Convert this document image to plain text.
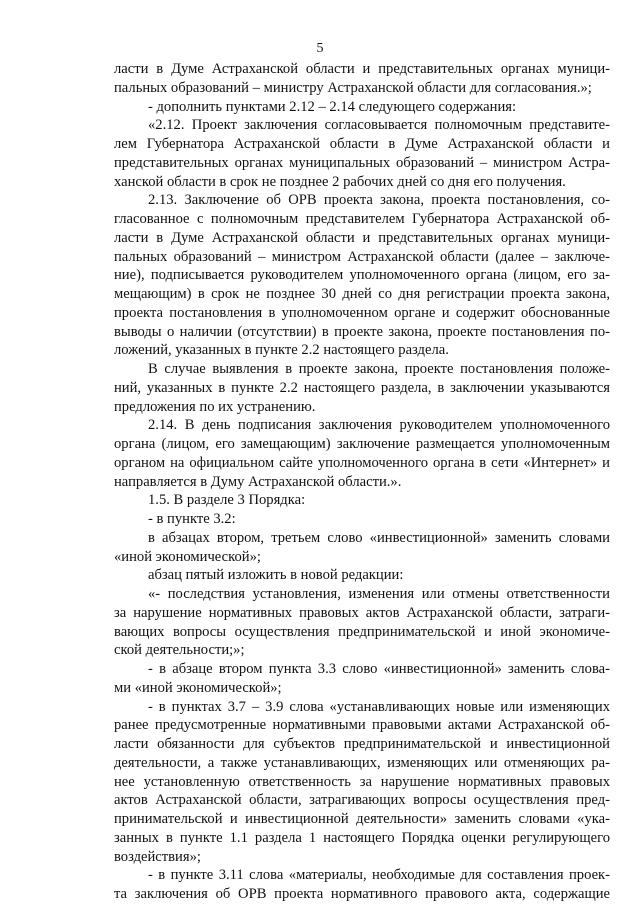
5
ласти в Думе Астраханской области и представительных органах муници-
пальных образований – министру Астраханской области для согласования.»;
- дополнить пунктами 2.12 – 2.14 следующего содержания:
«2.12. Проект заключения согласовывается полномочным представите-
лем Губернатора Астраханской области в Думе Астраханской области и
представительных органах муниципальных образований – министром Астра-
ханской области в срок не позднее 2 рабочих дней со дня его получения.
2.13. Заключение об ОРВ проекта закона, проекта постановления, со-
гласованное с полномочным представителем Губернатора Астраханской об-
ласти в Думе Астраханской области и представительных органах муници-
пальных образований – министром Астраханской области (далее – заключе-
ние), подписывается руководителем уполномоченного органа (лицом, его за-
мещающим) в срок не позднее 30 дней со дня регистрации проекта закона,
проекта постановления в уполномоченном органе и содержит обоснованные
выводы о наличии (отсутствии) в проекте закона, проекте постановления по-
ложений, указанных в пункте 2.2 настоящего раздела.
В случае выявления в проекте закона, проекте постановления положе-
ний, указанных в пункте 2.2 настоящего раздела, в заключении указываются
предложения по их устранению.
2.14. В день подписания заключения руководителем уполномоченного
органа (лицом, его замещающим) заключение размещается уполномоченным
органом на официальном сайте уполномоченного органа в сети «Интернет» и
направляется в Думу Астраханской области.».
1.5. В разделе 3 Порядка:
- в пункте 3.2:
в абзацах втором, третьем слово «инвестиционной» заменить словами
«иной экономической»;
абзац пятый изложить в новой редакции:
«- последствия установления, изменения или отмены ответственности
за нарушение нормативных правовых актов Астраханской области, затраги-
вающих вопросы осуществления предпринимательской и иной экономиче-
ской деятельности;»;
- в абзаце втором пункта 3.3 слово «инвестиционной» заменить слова-
ми «иной экономической»;
- в пунктах 3.7 – 3.9 слова «устанавливающих новые или изменяющих
ранее предусмотренные нормативными правовыми актами Астраханской об-
ласти обязанности для субъектов предпринимательской и инвестиционной
деятельности, а также устанавливающих, изменяющих или отменяющих ра-
нее установленную ответственность за нарушение нормативных правовых
актов Астраханской области, затрагивающих вопросы осуществления пред-
принимательской и инвестиционной деятельности» заменить словами «ука-
занных в пункте 1.1 раздела 1 настоящего Порядка оценки регулирующего
воздействия»;
- в пункте 3.11 слова «материалы, необходимые для составления проек-
та заключения об ОРВ проекта нормативного правового акта, содержащие
